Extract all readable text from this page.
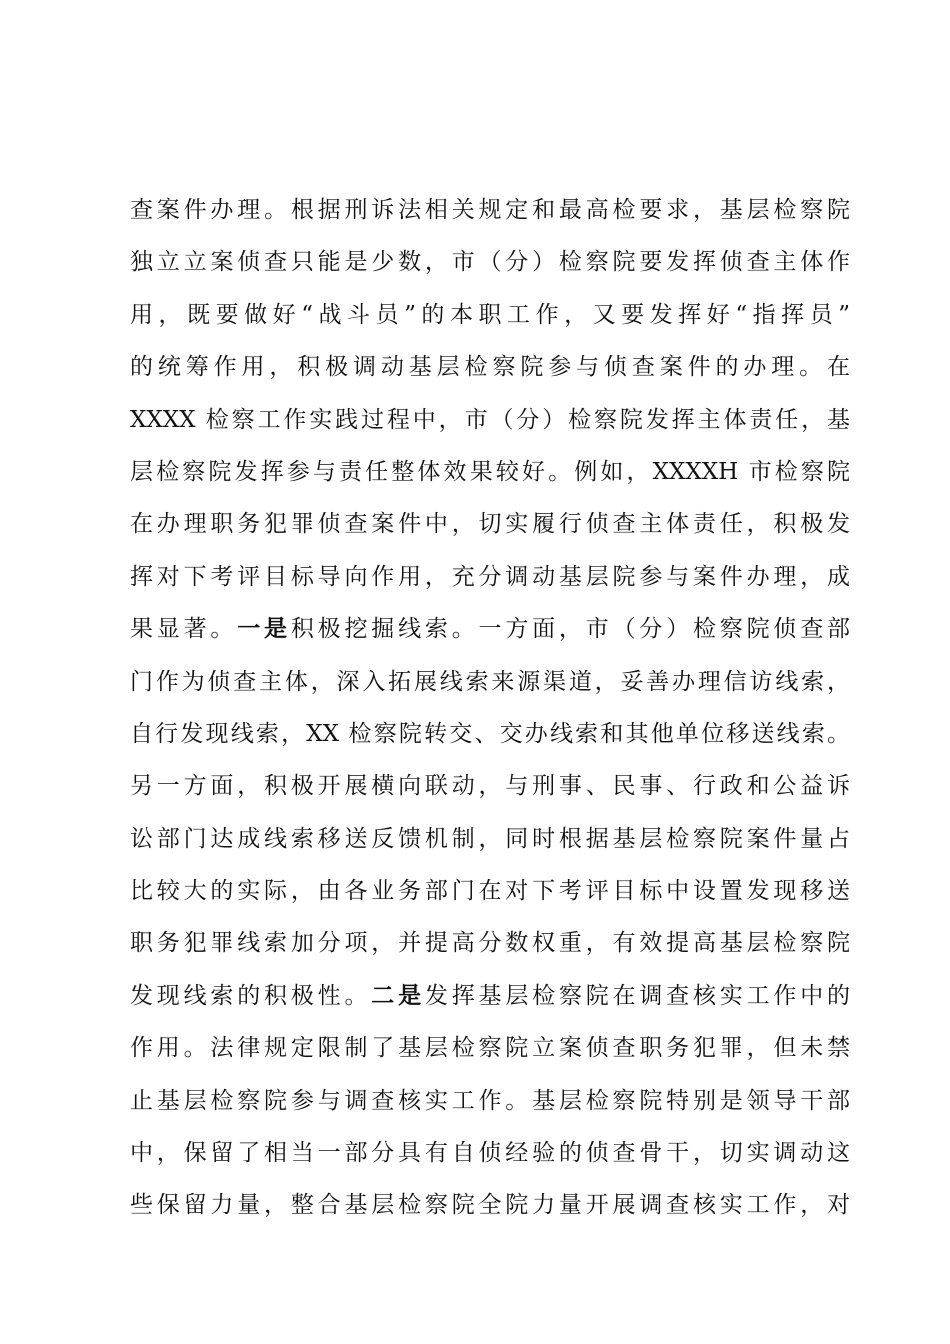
查案件办理。根据刑诉法相关规定和最高检要求，基层检察院
独立立案侦查只能是少数，市（分）检察院要发挥侦查主体作
用，既要做好“战斗员”的本职工作，又要发挥好“指挥员”
的统筹作用，积极调动基层检察院参与侦查案件的办理。在
XXXX 检察工作实践过程中，市（分）检察院发挥主体责任，基
层检察院发挥参与责任整体效果较好。例如，XXXXH 市检察院
在办理职务犯罪侦查案件中，切实履行侦查主体责任，积极发
挥对下考评目标导向作用，充分调动基层院参与案件办理，成
果显著。一是积极挖掘线索。一方面，市（分）检察院侦查部
门作为侦查主体，深入拓展线索来源渠道，妥善办理信访线索，
自行发现线索，XX 检察院转交、交办线索和其他单位移送线索。
另一方面，积极开展横向联动，与刑事、民事、行政和公益诉
讼部门达成线索移送反馈机制，同时根据基层检察院案件量占
比较大的实际，由各业务部门在对下考评目标中设置发现移送
职务犯罪线索加分项，并提高分数权重，有效提高基层检察院
发现线索的积极性。二是发挥基层检察院在调查核实工作中的
作用。法律规定限制了基层检察院立案侦查职务犯罪，但未禁
止基层检察院参与调查核实工作。基层检察院特别是领导干部
中，保留了相当一部分具有自侦经验的侦查骨干，切实调动这
些保留力量，整合基层检察院全院力量开展调查核实工作，对
